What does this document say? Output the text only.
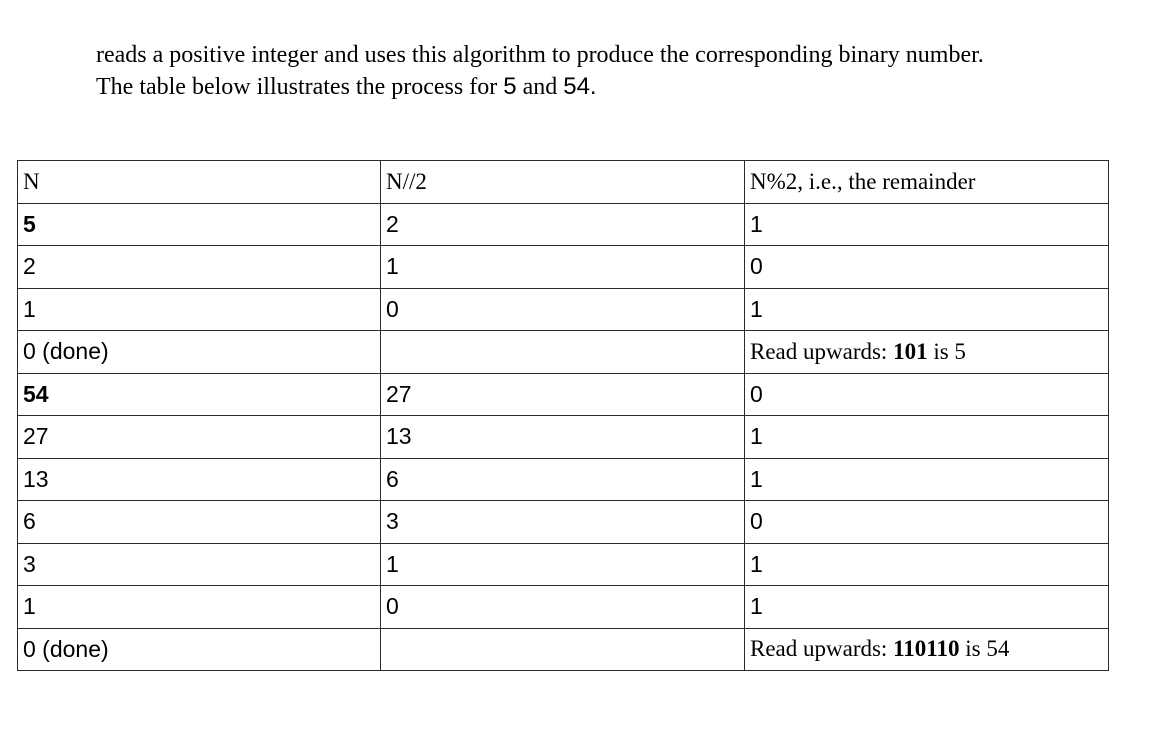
reads a positive integer and uses this algorithm to produce the corresponding binary number.

The table below illustrates the process for 5 and 54.

N	N//2	N%2, i.e., the remainder
5	2	1
2	1	0
1	0	1
0 (done)		Read upwards: 101 is 5
54	27	0
27	13	1
13	6	1
6	3	0
3	1	1
1	0	1
0 (done)		Read upwards: 110110 is 54
